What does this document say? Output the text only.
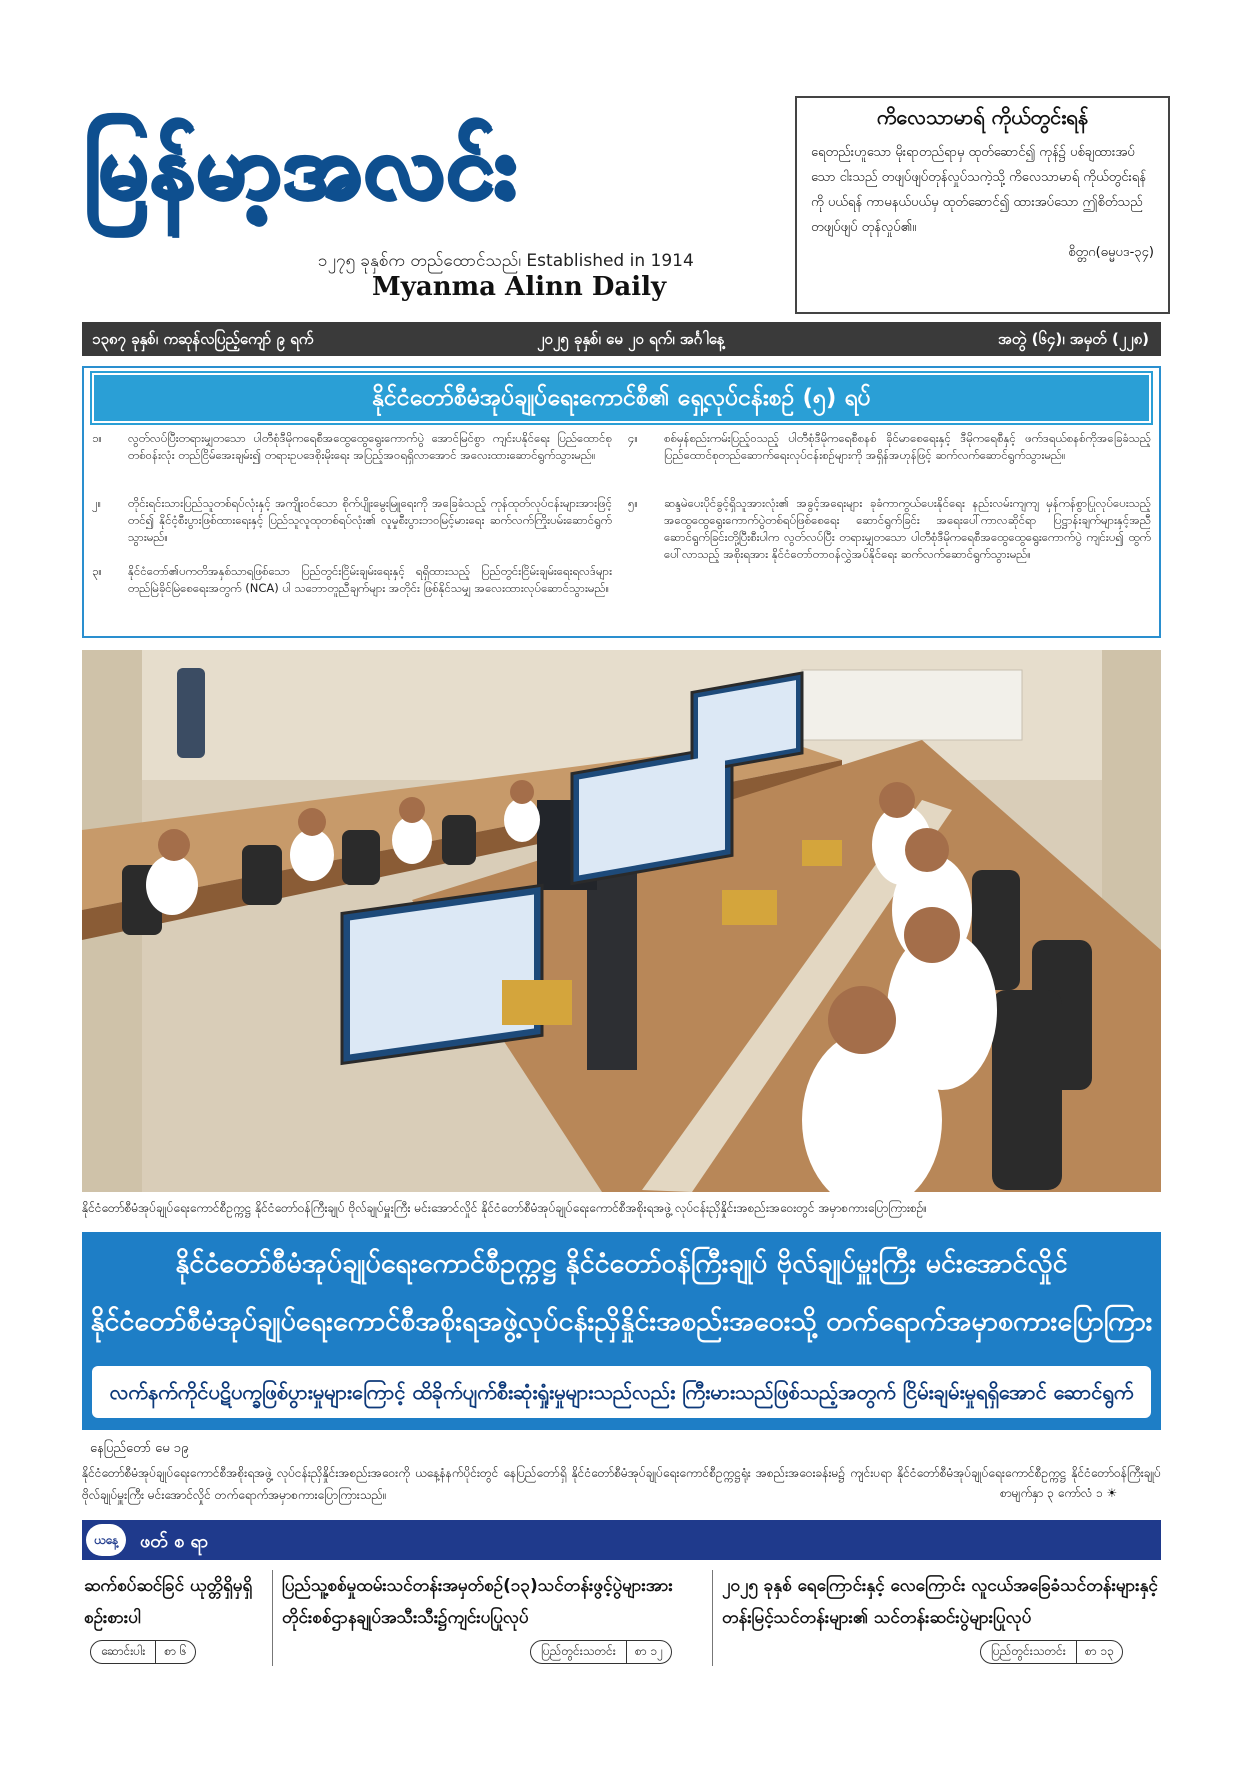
မြန်မာ့အလင်း
၁၂၇၅ ခုနှစ်က တည်ထောင်သည်၊ Established in 1914
Myanma Alinn Daily
ကိလေသာမာရ် ကိုယ်တွင်းရန်
ရေတည်းဟူသော မိုးရာတည်ရာမှ ထုတ်ဆောင်၍ ကုန်၌ ပစ်ချထားအပ်သော ငါးသည် တဖျပ်ဖျပ်တုန်လှုပ်သကဲ့သို့ ကိလေသာမာရ် ကိုယ်တွင်းရန်ကို ပယ်ရန် ကာမနယ်ပယ်မှ ထုတ်ဆောင်၍ ထားအပ်သော ဤစိတ်သည် တဖျပ်ဖျပ် တုန်လှုပ်၏။
စိတ္တဂ(ဓမ္မပဒ-၃၄)
၁၃၈၇ ခုနှစ်၊ ကဆုန်လပြည့်ကျော် ၉ ရက်	၂၀၂၅ ခုနှစ်၊ မေ ၂၀ ရက်၊ အင်္ဂါနေ့	အတွဲ (၆၄)၊ အမှတ် (၂၂၈)
နိုင်ငံတော်စီမံအုပ်ချုပ်ရေးကောင်စီ၏ ရှေ့လုပ်ငန်းစဉ် (၅) ရပ်
၁။	လွတ်လပ်ပြီးတရားမျှတသော ပါတီစုံဒီမိုကရေစီအထွေထွေရွေးကောက်ပွဲ အောင်မြင်စွာ ကျင်းပနိုင်ရေး ပြည်ထောင်စုတစ်ဝန်းလုံး တည်ငြိမ်အေးချမ်း၍ တရားဥပဒေစိုးမိုးရေး အပြည့်အဝရရှိလာအောင် အလေးထားဆောင်ရွက်သွားမည်။
၂။	တိုင်းရင်းသားပြည်သူတစ်ရပ်လုံးနှင့် အကျိုးဝင်သော စိုက်ပျိုးမွေးမြူရေးကို အခြေခံသည့် ကုန်ထုတ်လုပ်ငန်းများအားဖြင့်တင်၍ နိုင်ငံ့စီးပွားဖြစ်ထားရေးနှင့် ပြည်သူလူထုတစ်ရပ်လုံး၏ လူမှုစီးပွားဘဝမြင့်မားရေး ဆက်လက်ကြိုးပမ်းဆောင်ရွက်သွားမည်။
၃။	နိုင်ငံတော်၏ပကတိအနှစ်သာရဖြစ်သော ပြည်တွင်းငြိမ်းချမ်းရေးနှင့် ရရှိထားသည့် ပြည်တွင်းငြိမ်းချမ်းရေးရလဒ်များ တည်မြဲခိုင်မြဲစေရေးအတွက် (NCA) ပါ သဘောတူညီချက်များ အတိုင်း ဖြစ်နိုင်သမျှ အလေးထားလုပ်ဆောင်သွားမည်။
၄။	စစ်မှန်စည်းကမ်းပြည့်ဝသည့် ပါတီစုံဒီမိုကရေစီစနစ် ခိုင်မာစေရေးနှင့် ဒီမိုကရေစီနှင့် ဖက်ဒရယ်စနစ်ကိုအခြေခံသည့် ပြည်ထောင်စုတည်ဆောက်ရေးလုပ်ငန်းစဉ်များကို အရှိန်အဟုန်ဖြင့် ဆက်လက်ဆောင်ရွက်သွားမည်။
၅။	ဆန္ဒမဲပေးပိုင်ခွင့်ရှိသူအားလုံး၏ အခွင့်အရေးများ ခုခံကာကွယ်ပေးနိုင်ရေး နည်းလမ်းကျကျ မှန်ကန်စွာပြုလုပ်ပေးသည့် အထွေထွေရွေးကောက်ပွဲတစ်ရပ်ဖြစ်စေရေး ဆောင်ရွက်ခြင်း အရေးပေါ်ကာလဆိုင်ရာ ပြဋ္ဌာန်းချက်များနှင့်အညီ ဆောင်ရွက်ခြင်းတို့ပြီးစီးပါက လွတ်လပ်ပြီး တရားမျှတသော ပါတီစုံဒီမိုကရေစီအထွေထွေရွေးကောက်ပွဲ ကျင်းပ၍ ထွက်ပေါ်လာသည့် အစိုးရအား နိုင်ငံတော်တာဝန်လွှဲအပ်နိုင်ရေး ဆက်လက်ဆောင်ရွက်သွားမည်။
နိုင်ငံတော်စီမံအုပ်ချုပ်ရေးကောင်စီဥက္ကဋ္ဌ နိုင်ငံတော်ဝန်ကြီးချုပ် ဗိုလ်ချုပ်မှူးကြီး မင်းအောင်လှိုင် နိုင်ငံတော်စီမံအုပ်ချုပ်ရေးကောင်စီအစိုးရအဖွဲ့ လုပ်ငန်းညှိနှိုင်းအစည်းအဝေးတွင် အမှာစကားပြောကြားစဉ်။
နိုင်ငံတော်စီမံအုပ်ချုပ်ရေးကောင်စီဥက္ကဋ္ဌ နိုင်ငံတော်ဝန်ကြီးချုပ် ဗိုလ်ချုပ်မှူးကြီး မင်းအောင်လှိုင်
နိုင်ငံတော်စီမံအုပ်ချုပ်ရေးကောင်စီအစိုးရအဖွဲ့လုပ်ငန်းညှိနှိုင်းအစည်းအဝေးသို့ တက်ရောက်အမှာစကားပြောကြား
လက်နက်ကိုင်ပဋိပက္ခဖြစ်ပွားမှုများကြောင့် ထိခိုက်ပျက်စီးဆုံးရှုံးမှုများသည်လည်း ကြီးမားသည်ဖြစ်သည့်အတွက် ငြိမ်းချမ်းမှုရရှိအောင် ဆောင်ရွက်
နေပြည်တော် မေ ၁၉
နိုင်ငံတော်စီမံအုပ်ချုပ်ရေးကောင်စီအစိုးရအဖွဲ့ လုပ်ငန်းညှိနှိုင်းအစည်းအဝေးကို ယနေ့နံနက်ပိုင်းတွင် နေပြည်တော်ရှိ နိုင်ငံတော်စီမံအုပ်ချုပ်ရေးကောင်စီဥက္ကဋ္ဌရုံး အစည်းအဝေးခန်းမ၌ ကျင်းပရာ နိုင်ငံတော်စီမံအုပ်ချုပ်ရေးကောင်စီဥက္ကဋ္ဌ နိုင်ငံတော်ဝန်ကြီးချုပ် ဗိုလ်ချုပ်မှူးကြီး မင်းအောင်လှိုင် တက်ရောက်အမှာစကားပြောကြားသည်။	စာမျက်နှာ ၃ ကော်လံ ၁ ☀
ယနေ့	ဖတ် စ ရာ
ဆက်စပ်ဆင်ခြင် ယုတ္တိရှိမှရှိ စဉ်းစားပါ
ပြည်သူ့စစ်မှုထမ်းသင်တန်းအမှတ်စဉ်(၁၃)သင်တန်းဖွင့်ပွဲများအား တိုင်းစစ်ဌာနချုပ်အသီးသီး၌ကျင်းပပြုလုပ်
၂၀၂၅ ခုနှစ် ရေကြောင်းနှင့် လေကြောင်း လူငယ်အခြေခံသင်တန်းများနှင့် တန်းမြင့်သင်တန်းများ၏ သင်တန်းဆင်းပွဲများပြုလုပ်
ဆောင်းပါး	စာ ၆	ပြည်တွင်းသတင်း	စာ ၁၂	ပြည်တွင်းသတင်း	စာ ၁၃
